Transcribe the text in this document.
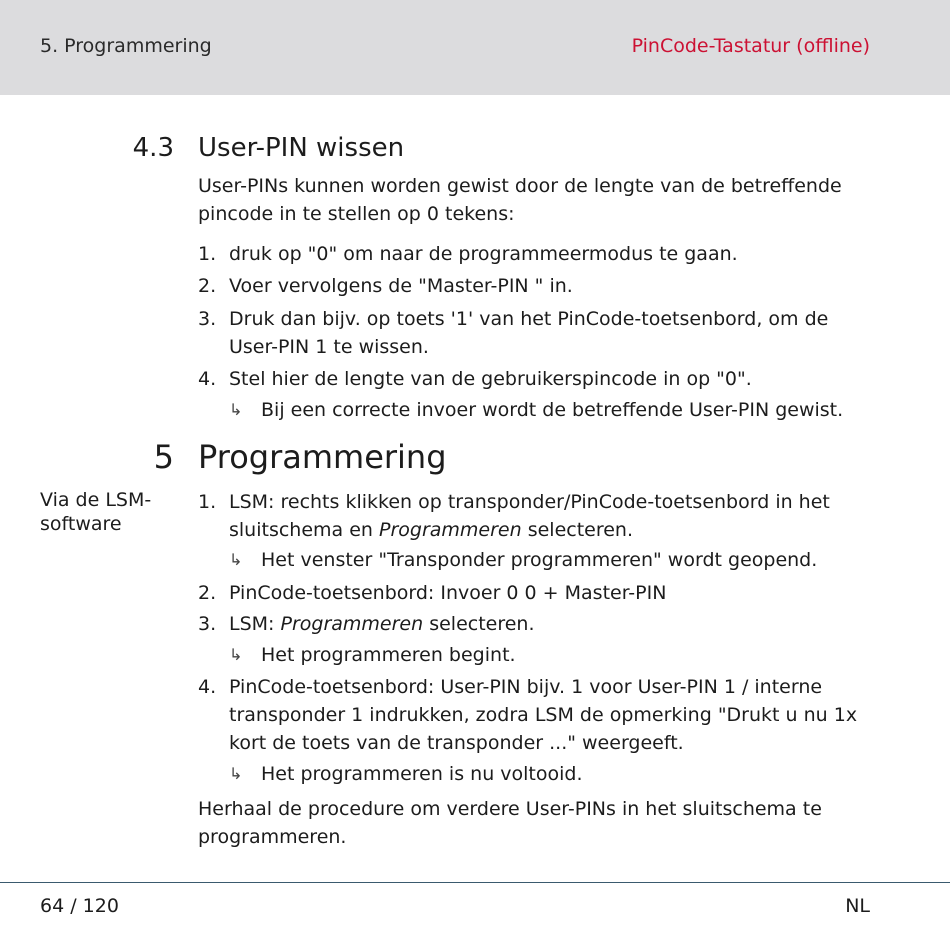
5. Programmering	PinCode-Tastatur (offline)
4.3 User-PIN wissen
User-PINs kunnen worden gewist door de lengte van de betreffende pincode in te stellen op 0 tekens:
1. druk op "0" om naar de programmeermodus te gaan.
2. Voer vervolgens de "Master-PIN " in.
3. Druk dan bijv. op toets '1' van het PinCode-toetsenbord, om de User-PIN 1 te wissen.
4. Stel hier de lengte van de gebruikerspincode in op "0".
↳ Bij een correcte invoer wordt de betreffende User-PIN gewist.
5 Programmering
Via de LSM-software
1. LSM: rechts klikken op transponder/PinCode-toetsenbord in het sluitschema en Programmeren selecteren.
↳ Het venster "Transponder programmeren" wordt geopend.
2. PinCode-toetsenbord: Invoer 0 0 + Master-PIN
3. LSM: Programmeren selecteren.
↳ Het programmeren begint.
4. PinCode-toetsenbord: User-PIN bijv. 1 voor User-PIN 1 / interne transponder 1 indrukken, zodra LSM de opmerking "Drukt u nu 1x kort de toets van de transponder ..." weergeeft.
↳ Het programmeren is nu voltooid.
Herhaal de procedure om verdere User-PINs in het sluitschema te programmeren.
64 / 120	NL
